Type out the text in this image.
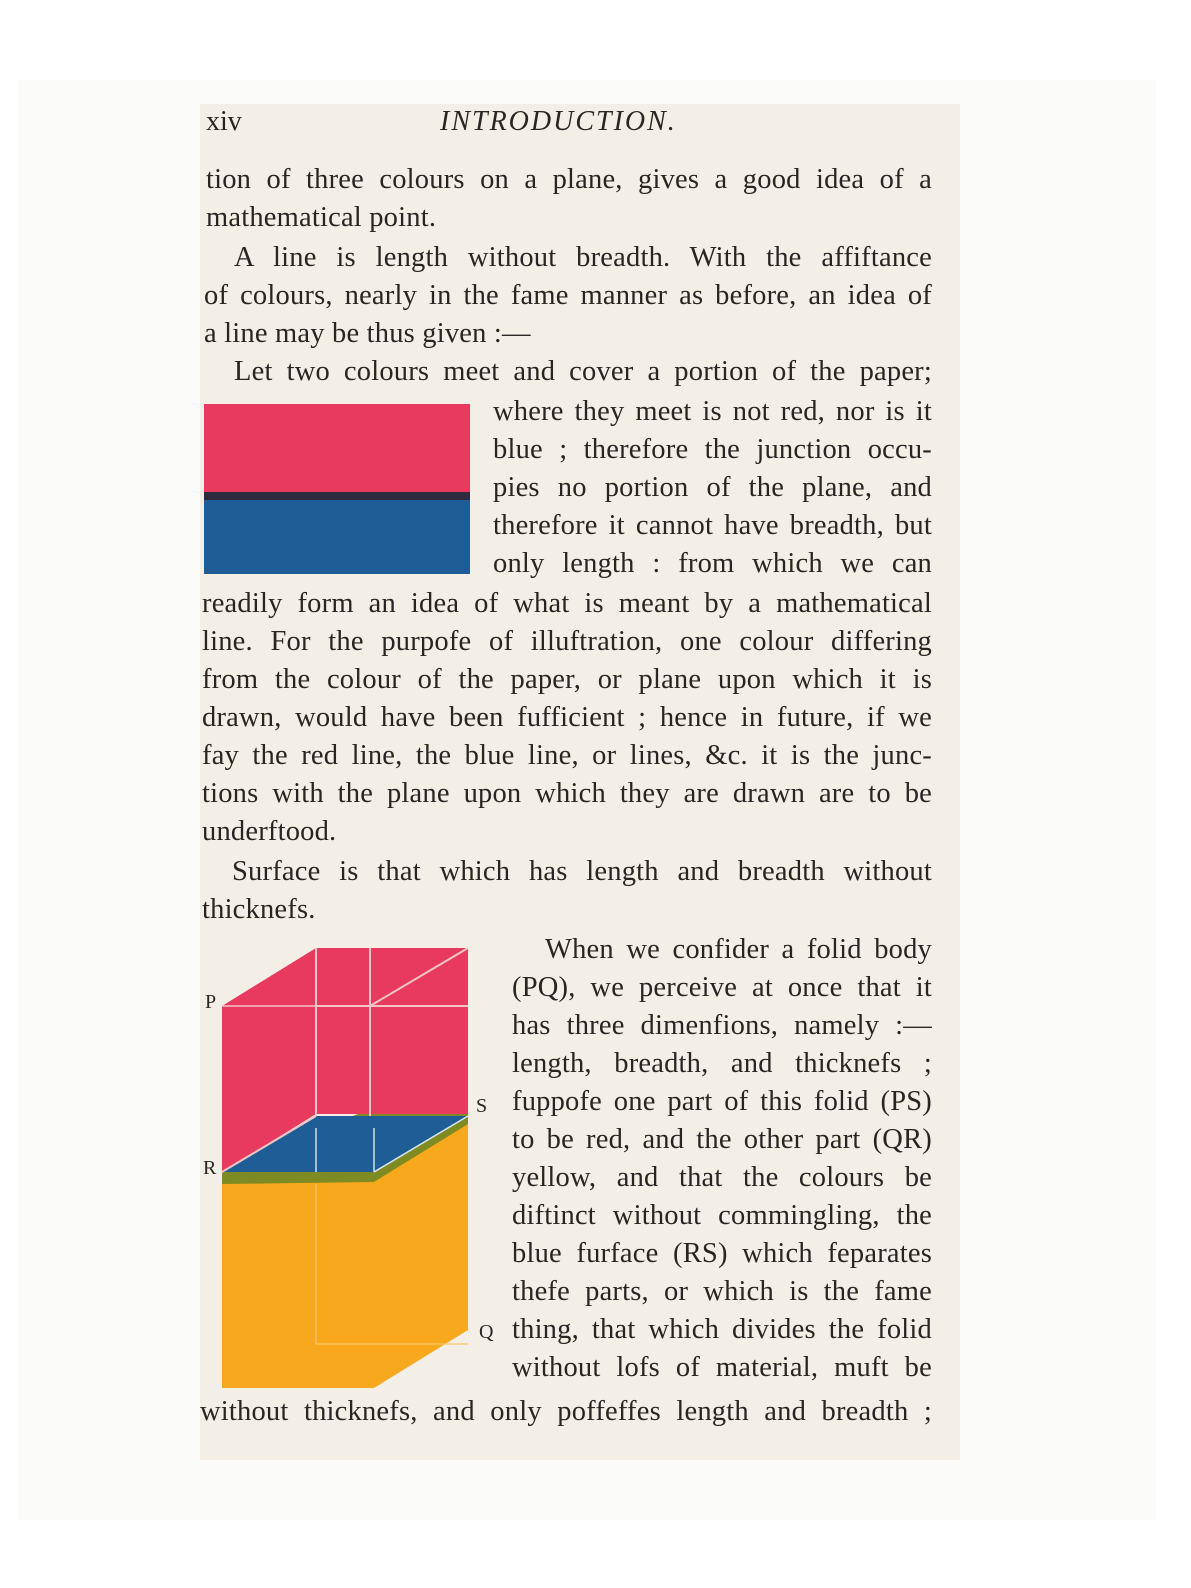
xiv	INTRODUCTION.
tion of three colours on a plane, gives a good idea of a
mathematical point.
A line is length without breadth. With the affiftance
of colours, nearly in the fame manner as before, an idea of
a line may be thus given :—
Let two colours meet and cover a portion of the paper;
where they meet is not red, nor is it
blue ; therefore the junction occu-
pies no portion of the plane, and
therefore it cannot have breadth, but
only length : from which we can
readily form an idea of what is meant by a mathematical
line. For the purpofe of illuftration, one colour differing
from the colour of the paper, or plane upon which it is
drawn, would have been fufficient ; hence in future, if we
fay the red line, the blue line, or lines, &c. it is the junc-
tions with the plane upon which they are drawn are to be
underftood.
Surface is that which has length and breadth without
thicknefs.
P
R
S
Q
When we confider a folid body
(PQ), we perceive at once that it
has three dimenfions, namely :—
length, breadth, and thicknefs ;
fuppofe one part of this folid (PS)
to be red, and the other part (QR)
yellow, and that the colours be
diftinct without commingling, the
blue furface (RS) which feparates
thefe parts, or which is the fame
thing, that which divides the folid
without lofs of material, muft be
without thicknefs, and only poffeffes length and breadth ;
